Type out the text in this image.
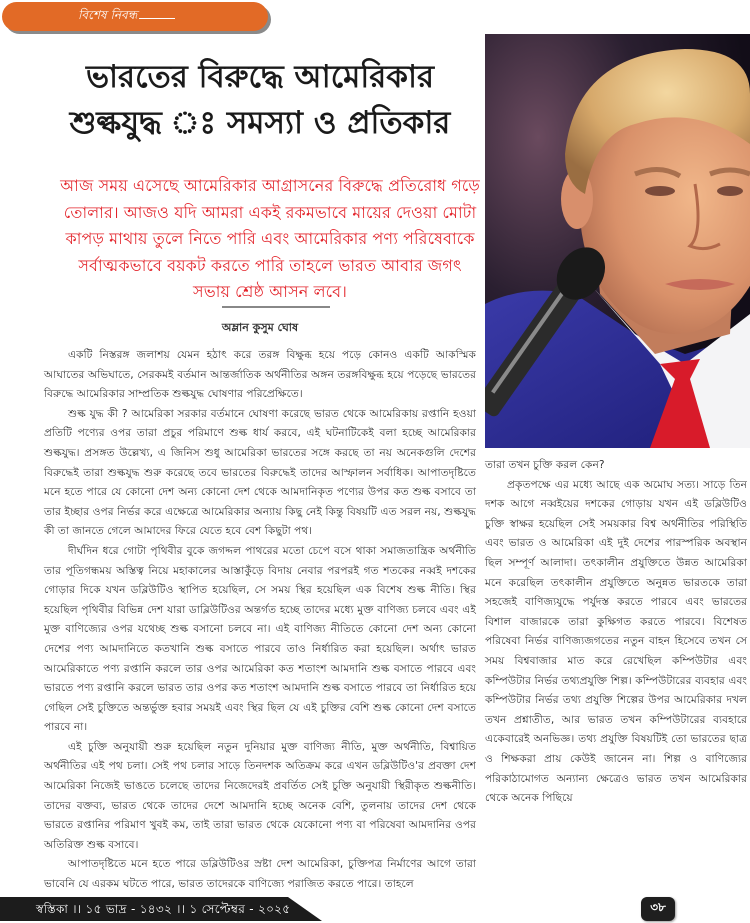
বিশেষ নিবন্ধ
ভারতের বিরুদ্ধে আমেরিকার
শুল্কযুদ্ধ ঃ সমস্যা ও প্রতিকার

আজ সময় এসেছে আমেরিকার আগ্রাসনের বিরুদ্ধে প্রতিরোধ গড়ে তোলার। আজও যদি আমরা একই রকমভাবে মায়ের দেওয়া মোটা কাপড় মাথায় তুলে নিতে পারি এবং আমেরিকার পণ্য পরিষেবাকে সর্বাত্মকভাবে বয়কট করতে পারি তাহলে ভারত আবার জগৎ সভায় শ্রেষ্ঠ আসন লবে।

অম্লান কুসুম ঘোষ

একটি নিস্তরঙ্গ জলাশয় যেমন হঠাৎ করে তরঙ্গ বিক্ষুব্ধ হয়ে পড়ে কোনও একটি আকস্মিক আঘাতের অভিঘাতে, সেরকমই বর্তমান আন্তর্জাতিক অর্থনীতির অঙ্গন তরঙ্গবিক্ষুব্ধ হয়ে পড়েছে ভারতের বিরুদ্ধে আমেরিকার সাম্প্রতিক শুল্কযুদ্ধ ঘোষণার পরিপ্রেক্ষিতে।

শুল্ক যুদ্ধ কী ? আমেরিকা সরকার বর্তমানে ঘোষণা করেছে ভারত থেকে আমেরিকায় রপ্তানি হওয়া প্রতিটি পণ্যের ওপর তারা প্রচুর পরিমাণে শুল্ক ধার্য করবে, এই ঘটনাটিকেই বলা হচ্ছে আমেরিকার শুল্কযুদ্ধ। প্রসঙ্গত উল্লেখ্য, এ জিনিস শুধু আমেরিকা ভারতের সঙ্গে করছে তা নয় অনেকগুলি দেশের বিরুদ্ধেই তারা শুল্কযুদ্ধ শুরু করেছে তবে ভারতের বিরুদ্ধেই তাদের আস্ফালন সর্বাধিক। আপাতদৃষ্টিতে মনে হতে পারে যে কোনো দেশ অন্য কোনো দেশ থেকে আমদানিকৃত পণ্যের উপর কত শুল্ক বসাবে তা তার ইচ্ছার ওপর নির্ভর করে এক্ষেত্রে আমেরিকার অন্যায় কিছু নেই কিন্তু বিষয়টি এত সরল নয়, শুল্কযুদ্ধ কী তা জানতে গেলে আমাদের ফিরে যেতে হবে বেশ কিছুটা পথ।

দীর্ঘদিন ধরে গোটা পৃথিবীর বুকে জগদ্দল পাথরের মতো চেপে বসে থাকা সমাজতান্ত্রিক অর্থনীতি তার পূতিগন্ধময় অস্তিত্ব নিয়ে মহাকালের আস্তাকুঁড়ে বিদায় নেবার পরপরই গত শতকের নব্বই দশকের গোড়ার দিকে যখন ডব্লিউটিও স্থাপিত হয়েছিল, সে সময় স্থির হয়েছিল এক বিশেষ শুল্ক নীতি। স্থির হয়েছিল পৃথিবীর বিভিন্ন দেশ যারা ডাব্লিউটিওর অন্তর্গত হচ্ছে তাদের মধ্যে মুক্ত বাণিজ্য চলবে এবং এই মুক্ত বাণিজ্যের ওপর যথেচ্ছ শুল্ক বসানো চলবে না। এই বাণিজ্য নীতিতে কোনো দেশ অন্য কোনো দেশের পণ্য আমদানিতে কতখানি শুল্ক বসাতে পারবে তাও নির্ধারিত করা হয়েছিল। অর্থাৎ ভারত আমেরিকাতে পণ্য রপ্তানি করলে তার ওপর আমেরিকা কত শতাংশ আমদানি শুল্ক বসাতে পারবে এবং ভারতে পণ্য রপ্তানি করলে ভারত তার ওপর কত শতাংশ আমদানি শুল্ক বসাতে পারবে তা নির্ধারিত হয়ে গেছিল সেই চুক্তিতে অন্তর্ভুক্ত হবার সময়ই এবং স্থির ছিল যে এই চুক্তির বেশি শুল্ক কোনো দেশ বসাতে পারবে না।

এই চুক্তি অনুযায়ী শুরু হয়েছিল নতুন দুনিয়ার মুক্ত বাণিজ্য নীতি, মুক্ত অর্থনীতি, বিশ্বায়িত অর্থনীতির এই পথ চলা। সেই পথ চলার সাড়ে তিনদশক অতিক্রম করে এখন ডব্লিউটিও'র প্রবক্তা দেশ আমেরিকা নিজেই ভাঙতে চলেছে তাদের নিজেদেরই প্রবর্তিত সেই চুক্তি অনুযায়ী স্থিরীকৃত শুল্কনীতি। তাদের বক্তব্য, ভারত থেকে তাদের দেশে আমদানি হচ্ছে অনেক বেশি, তুলনায় তাদের দেশ থেকে ভারতে রপ্তানির পরিমাণ খুবই কম, তাই তারা ভারত থেকে যেকোনো পণ্য বা পরিষেবা আমদানির ওপর অতিরিক্ত শুল্ক বসাবে।

আপাতদৃষ্টিতে মনে হতে পারে ডব্লিউটিওর স্রষ্টা দেশ আমেরিকা, চুক্তিপত্র নির্মাণের আগে তারা ভাবেনি যে এরকম ঘটতে পারে, ভারত তাদেরকে বাণিজ্যে পরাজিত করতে পারে। তাহলে

তারা তখন চুক্তি করল কেন?

প্রকৃতপক্ষে এর মধ্যে আছে এক অমোঘ সত্য। সাড়ে তিন দশক আগে নব্বইয়ের দশকের গোড়ায় যখন এই ডব্লিউটিও চুক্তি স্বাক্ষর হয়েছিল সেই সময়কার বিশ্ব অর্থনীতির পরিস্থিতি এবং ভারত ও আমেরিকা এই দুই দেশের পারস্পরিক অবস্থান ছিল সম্পূর্ণ আলাদা। তৎকালীন প্রযুক্তিতে উন্নত আমেরিকা মনে করেছিল তৎকালীন প্রযুক্তিতে অনুন্নত ভারতকে তারা সহজেই বাণিজ্যযুদ্ধে পর্যুদস্ত করতে পারবে এবং ভারতের বিশাল বাজারকে তারা কুক্ষিগত করতে পারবে। বিশেষত পরিষেবা নির্ভর বাণিজ্যজগতের নতুন বাহন হিসেবে তখন সে সময় বিশ্ববাজার মাত করে রেখেছিল কম্পিউটার এবং কম্পিউটার নির্ভর তথ্যপ্রযুক্তি শিল্প। কম্পিউটারের ব্যবহার এবং কম্পিউটার নির্ভর তথ্য প্রযুক্তি শিল্পের উপর আমেরিকার দখল তখন প্রশ্নাতীত, আর ভারত তখন কম্পিউটারের ব্যবহারে একেবারেই অনভিজ্ঞ। তথ্য প্রযুক্তি বিষয়টিই তো ভারতের ছাত্র ও শিক্ষকরা প্রায় কেউই জানেন না। শিল্প ও বাণিজ্যের পরিকাঠামোগত অন্যান্য ক্ষেত্রেও ভারত তখন আমেরিকার থেকে অনেক পিছিয়ে

স্বস্তিকা ।। ১৫ ভাদ্র - ১৪৩২ ।। ১ সেপ্টেম্বর - ২০২৫	৩৮
